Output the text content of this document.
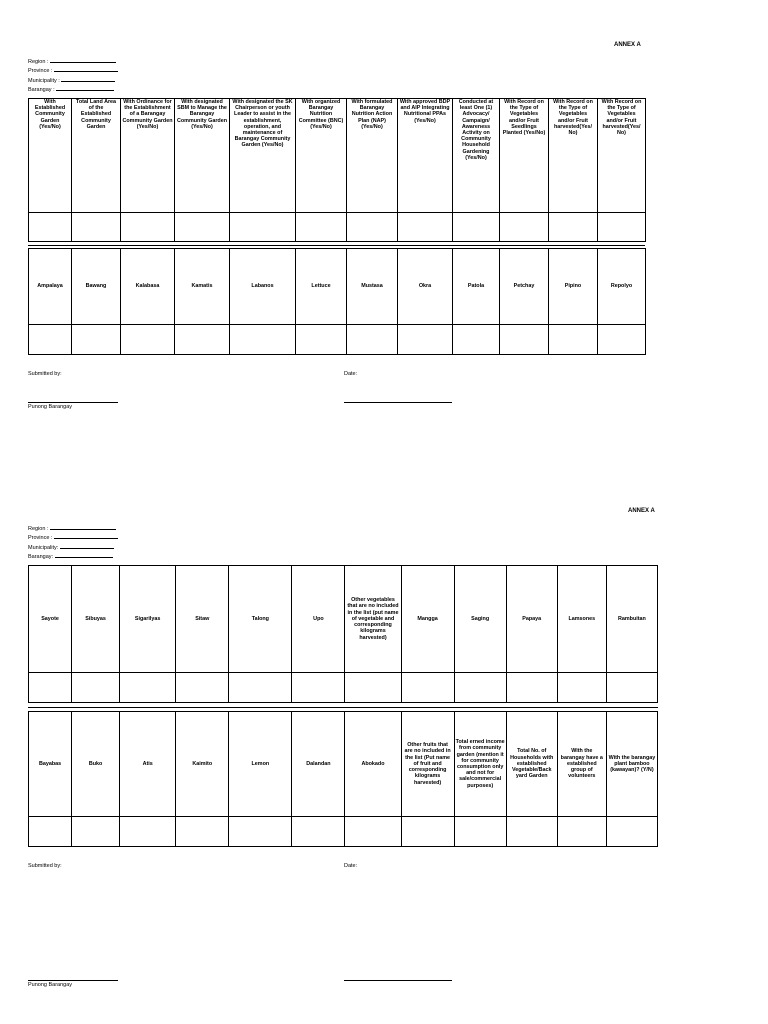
ANNEX A
Region :
Province :
Municipality :
Barangay :
With Established Community Garden (Yes/No)	Total Land Area of the Established Community Garden	With Ordinance for the Establishment of a Barangay Community Garden (Yes/No)	With designated SBM to Manage the Barangay Community Garden (Yes/No)	With designated the SK Chairperson or youth Leader to assist in the establishment, operation, and maintenance of Barangay Community Garden (Yes/No)	With organized Barangay Nutrition Committee (BNC) (Yes/No)	With formulated Barangay Nutrition Action Plan (NAP) (Yes/No)	With approved BDP and AIP Integrating Nutritional PPAs (Yes/No)	Conducted at least One (1) Advocacy/ Campaign/ Awareness Activity on Community Household Gardening (Yes/No)	With Record on the Type of Vegetables and/or Fruit Seedlings Planted (Yes/No)	With Record on the Type of Vegetables and/or Fruit harvested(Yes/ No)	With Record on the Type of Vegetables and/or Fruit harvested(Yes/ No)

Ampalaya	Bawang	Kalabasa	Kamatis	Labanos	Lettuce	Mustasa	Okra	Patola	Petchay	Pipino	Repolyo

Submitted by:	Date:
Punong Barangay
ANNEX A
Region :
Province :
Municipality:
Barangay:
Sayote	Sibuyas	Sigarilyas	Sitaw	Talong	Upo	Other vegetables that are no included in the list (put name of vegetable and corresponding kilograms harvested)	Mangga	Saging	Papaya	Lamsones	Rambuitan

Bayabas	Buko	Atis	Kaimito	Lemon	Dalandan	Abokado	Other fruits that are no included in the list (Put name of fruit and corresponding kilograms harvested)	Total erned income from community garden (mention it for community consumption only and not for sale/commercial purposes)	Total No. of Households with established Vegetable/Back yard Garden	With the barangay have a established group of volunteers	With the barangay plant bamboo (kawayan)? (Y/N)

Submitted by:	Date:
Punong Barangay
